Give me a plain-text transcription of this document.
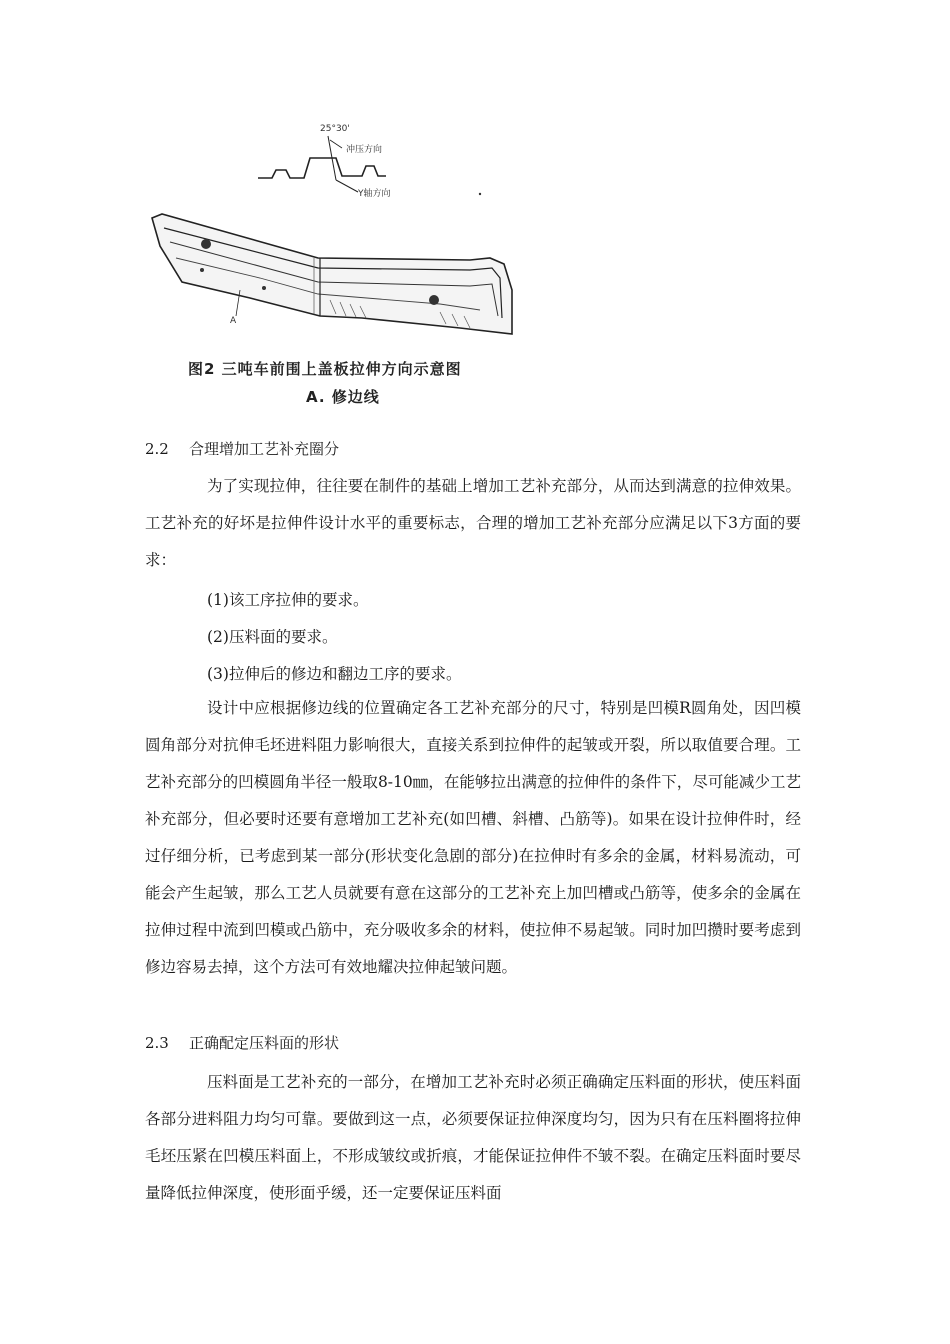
25°30'
冲压方向
Y轴方向
A
图2 三吨车前围上盖板拉伸方向示意图
A. 修边线
2.2 合理增加工艺补充圈分

为了实现拉伸，往往要在制件的基础上增加工艺补充部分，从而达到满意的拉伸效果。工艺补充的好坏是拉伸件设计水平的重要标志，合理的增加工艺补充部分应满足以下3方面的要求：

(1)该工序拉伸的要求。
(2)压料面的要求。
(3)拉伸后的修边和翻边工序的要求。

设计中应根据修边线的位置确定各工艺补充部分的尺寸，特别是凹模R圆角处，因凹模圆角部分对抗伸毛坯进料阻力影响很大，直接关系到拉伸件的起皱或开裂，所以取值要合理。工艺补充部分的凹模圆角半径一般取8-10㎜，在能够拉出满意的拉伸件的条件下，尽可能减少工艺补充部分，但必要时还要有意增加工艺补充(如凹槽、斜槽、凸筋等)。如果在设计拉伸件时，经过仔细分析，已考虑到某一部分(形状变化急剧的部分)在拉伸时有多余的金属，材料易流动，可能会产生起皱，那么工艺人员就要有意在这部分的工艺补充上加凹槽或凸筋等，使多余的金属在拉伸过程中流到凹模或凸筋中，充分吸收多余的材料，使拉伸不易起皱。同时加凹攒时要考虑到修边容易去掉，这个方法可有效地耀决拉伸起皱问题。

2.3 正确配定压料面的形状

压料面是工艺补充的一部分，在增加工艺补充时必须正确确定压料面的形状，使压料面各部分进料阻力均匀可靠。要做到这一点，必须要保证拉伸深度均匀，因为只有在压料圈将拉伸毛坯压紧在凹模压料面上，不形成皱纹或折痕，才能保证拉伸件不皱不裂。在确定压料面时要尽量降低拉伸深度，使形面乎缓，还一定要保证压料面
